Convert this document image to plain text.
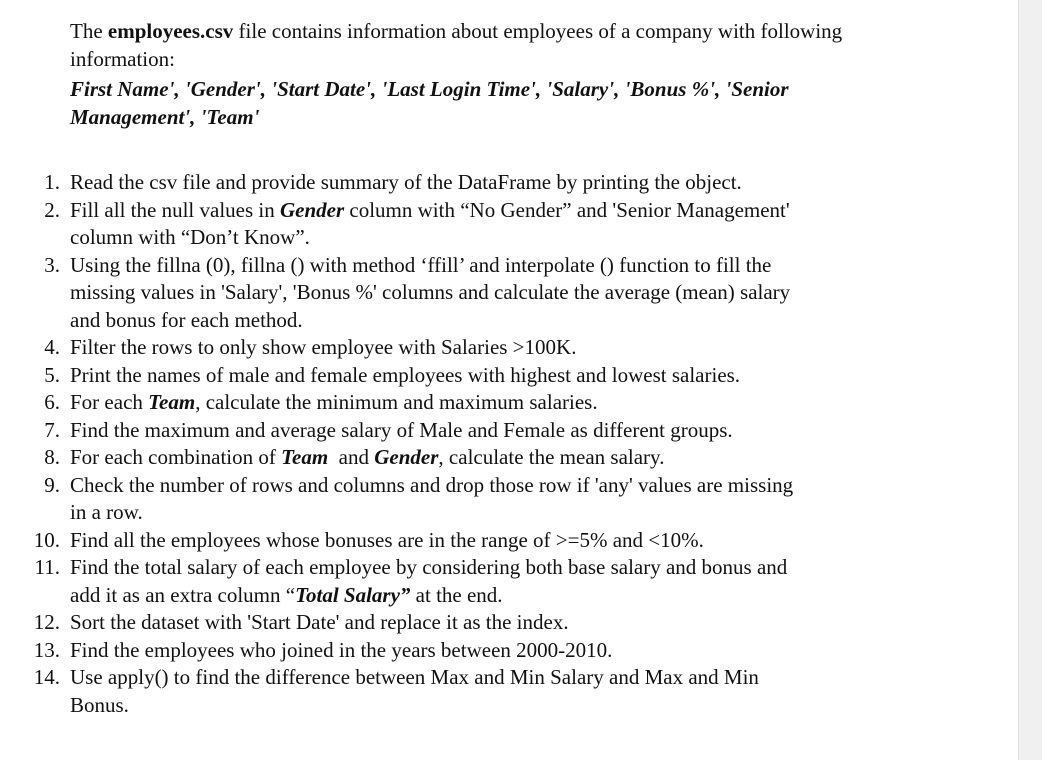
The employees.csv file contains information about employees of a company with following information:

First Name', 'Gender', 'Start Date', 'Last Login Time', 'Salary', 'Bonus %', 'Senior Management', 'Team'

1. Read the csv file and provide summary of the DataFrame by printing the object.
2. Fill all the null values in Gender column with “No Gender” and 'Senior Management'
column with “Don’t Know”.
3. Using the fillna (0), fillna () with method ‘ffill’ and interpolate () function to fill the
missing values in 'Salary', 'Bonus %' columns and calculate the average (mean) salary
and bonus for each method.
4. Filter the rows to only show employee with Salaries >100K.
5. Print the names of male and female employees with highest and lowest salaries.
6. For each Team, calculate the minimum and maximum salaries.
7. Find the maximum and average salary of Male and Female as different groups.
8. For each combination of Team  and Gender, calculate the mean salary.
9. Check the number of rows and columns and drop those row if 'any' values are missing
in a row.
10. Find all the employees whose bonuses are in the range of >=5% and <10%.
11. Find the total salary of each employee by considering both base salary and bonus and
add it as an extra column “Total Salary” at the end.
12. Sort the dataset with 'Start Date' and replace it as the index.
13. Find the employees who joined in the years between 2000-2010.
14. Use apply() to find the difference between Max and Min Salary and Max and Min
Bonus.
